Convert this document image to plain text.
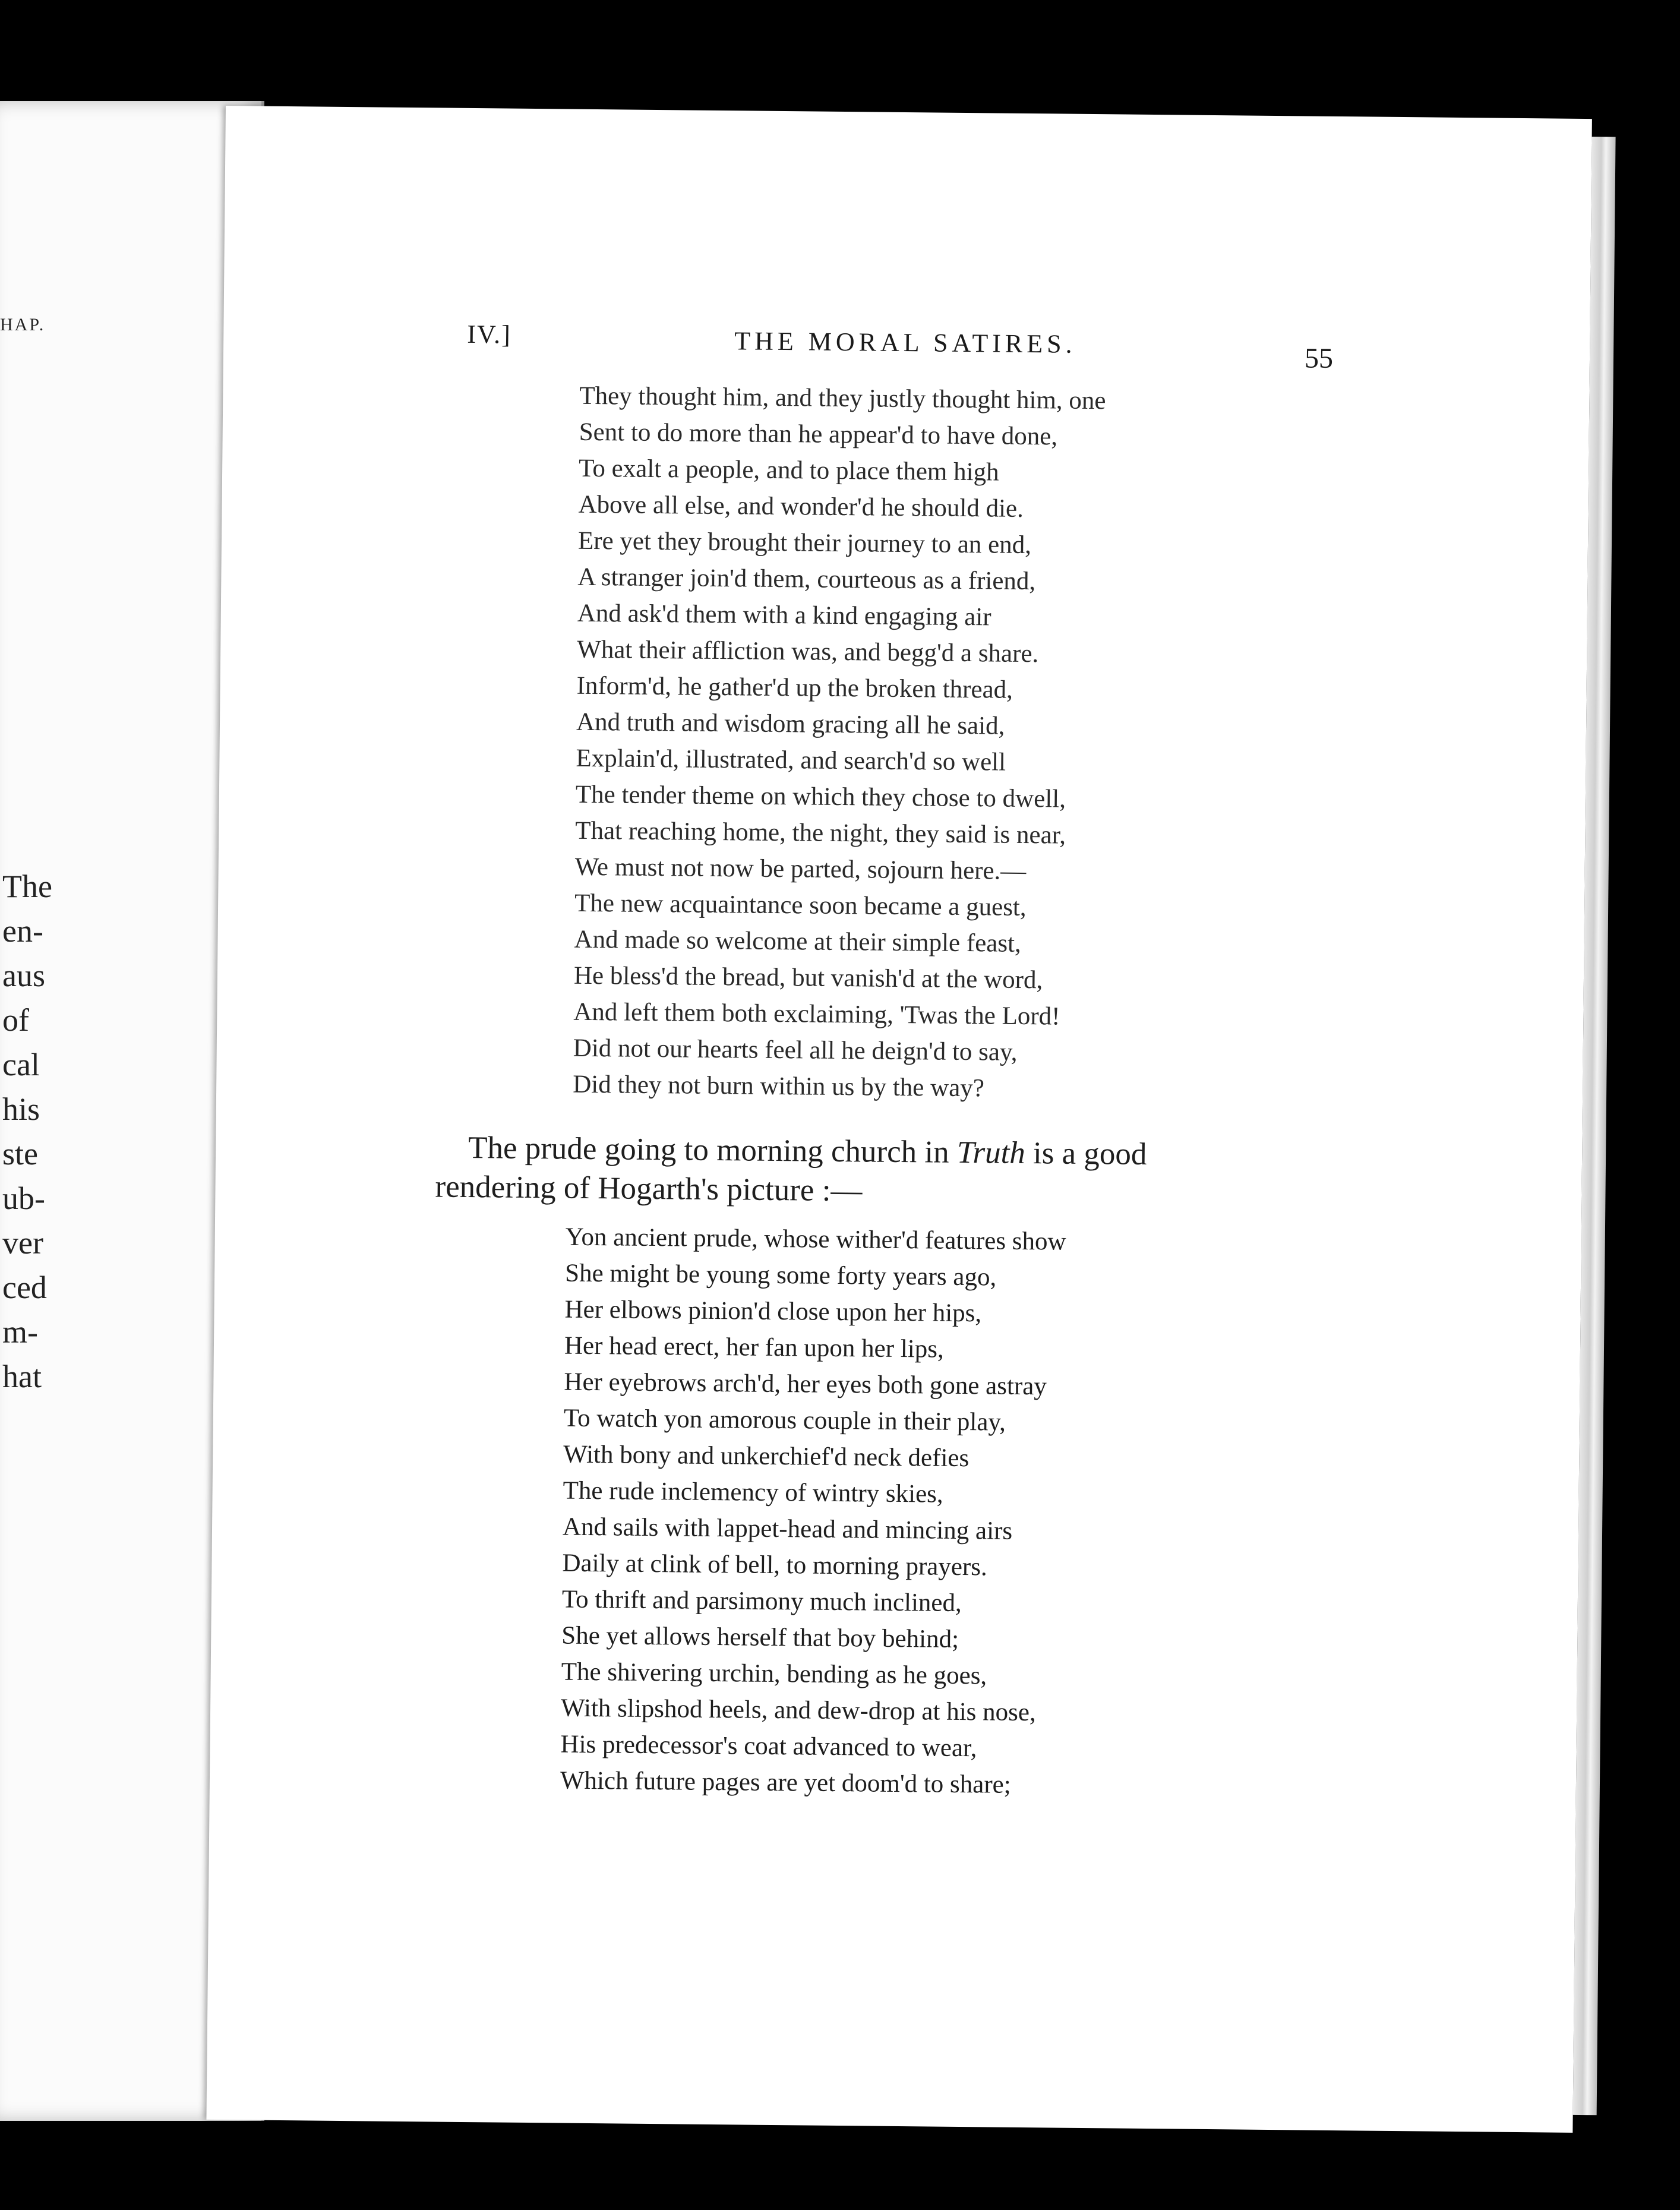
HAP.
The
en-
aus
of
cal
his
ste
ub-
ver
ced
m-
hat
IV.]	THE MORAL SATIRES.	55
They thought him, and they justly thought him, one
Sent to do more than he appear'd to have done,
To exalt a people, and to place them high
Above all else, and wonder'd he should die.
Ere yet they brought their journey to an end,
A stranger join'd them, courteous as a friend,
And ask'd them with a kind engaging air
What their affliction was, and begg'd a share.
Inform'd, he gather'd up the broken thread,
And truth and wisdom gracing all he said,
Explain'd, illustrated, and search'd so well
The tender theme on which they chose to dwell,
That reaching home, the night, they said is near,
We must not now be parted, sojourn here.—
The new acquaintance soon became a guest,
And made so welcome at their simple feast,
He bless'd the bread, but vanish'd at the word,
And left them both exclaiming, 'Twas the Lord!
Did not our hearts feel all he deign'd to say,
Did they not burn within us by the way?
The prude going to morning church in Truth is a good
rendering of Hogarth's picture :—
Yon ancient prude, whose wither'd features show
She might be young some forty years ago,
Her elbows pinion'd close upon her hips,
Her head erect, her fan upon her lips,
Her eyebrows arch'd, her eyes both gone astray
To watch yon amorous couple in their play,
With bony and unkerchief'd neck defies
The rude inclemency of wintry skies,
And sails with lappet-head and mincing airs
Daily at clink of bell, to morning prayers.
To thrift and parsimony much inclined,
She yet allows herself that boy behind;
The shivering urchin, bending as he goes,
With slipshod heels, and dew-drop at his nose,
His predecessor's coat advanced to wear,
Which future pages are yet doom'd to share;
